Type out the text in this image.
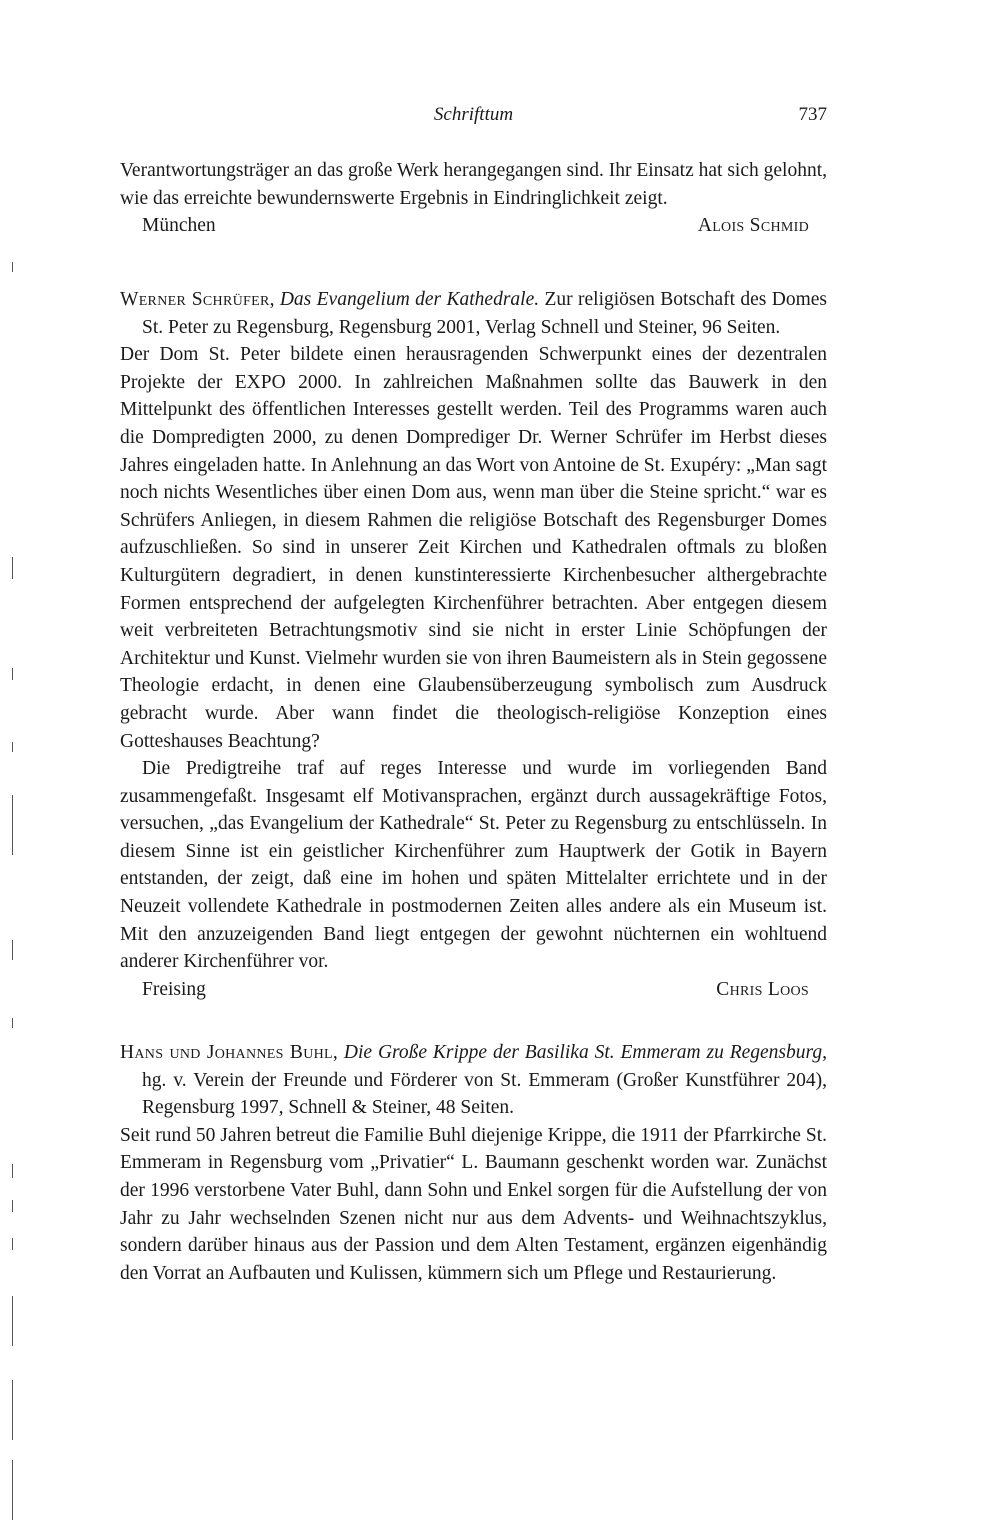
Schrifttum	737

Verantwortungsträger an das große Werk herangegangen sind. Ihr Einsatz hat sich gelohnt, wie das erreichte bewundernswerte Ergebnis in Eindringlichkeit zeigt.

München	Alois Schmid

Werner Schrüfer, Das Evangelium der Kathedrale. Zur religiösen Botschaft des Domes St. Peter zu Regensburg, Regensburg 2001, Verlag Schnell und Steiner, 96 Seiten.

Der Dom St. Peter bildete einen herausragenden Schwerpunkt eines der dezentralen Projekte der EXPO 2000. In zahlreichen Maßnahmen sollte das Bauwerk in den Mittelpunkt des öffentlichen Interesses gestellt werden. Teil des Programms waren auch die Dompredigten 2000, zu denen Domprediger Dr. Werner Schrüfer im Herbst dieses Jahres eingeladen hatte. In Anlehnung an das Wort von Antoine de St. Exupéry: „Man sagt noch nichts Wesentliches über einen Dom aus, wenn man über die Steine spricht.“ war es Schrüfers Anliegen, in diesem Rahmen die religiöse Botschaft des Regensburger Domes aufzuschließen. So sind in unserer Zeit Kirchen und Kathedralen oftmals zu bloßen Kulturgütern degradiert, in denen kunstinteressierte Kirchenbesucher althergebrachte Formen entsprechend der aufgelegten Kirchenführer betrachten. Aber entgegen diesem weit verbreiteten Betrachtungsmotiv sind sie nicht in erster Linie Schöpfungen der Architektur und Kunst. Vielmehr wurden sie von ihren Baumeistern als in Stein gegossene Theologie erdacht, in denen eine Glaubensüberzeugung symbolisch zum Ausdruck gebracht wurde. Aber wann findet die theologisch-religiöse Konzeption eines Gotteshauses Beachtung?

Die Predigtreihe traf auf reges Interesse und wurde im vorliegenden Band zusammengefaßt. Insgesamt elf Motivansprachen, ergänzt durch aussagekräftige Fotos, versuchen, „das Evangelium der Kathedrale“ St. Peter zu Regensburg zu entschlüsseln. In diesem Sinne ist ein geistlicher Kirchenführer zum Hauptwerk der Gotik in Bayern entstanden, der zeigt, daß eine im hohen und späten Mittelalter errichtete und in der Neuzeit vollendete Kathedrale in postmodernen Zeiten alles andere als ein Museum ist. Mit den anzuzeigenden Band liegt entgegen der gewohnt nüchternen ein wohltuend anderer Kirchenführer vor.

Freising	Chris Loos

Hans und Johannes Buhl, Die Große Krippe der Basilika St. Emmeram zu Regensburg, hg. v. Verein der Freunde und Förderer von St. Emmeram (Großer Kunstführer 204), Regensburg 1997, Schnell & Steiner, 48 Seiten.

Seit rund 50 Jahren betreut die Familie Buhl diejenige Krippe, die 1911 der Pfarrkirche St. Emmeram in Regensburg vom „Privatier“ L. Baumann geschenkt worden war. Zunächst der 1996 verstorbene Vater Buhl, dann Sohn und Enkel sorgen für die Aufstellung der von Jahr zu Jahr wechselnden Szenen nicht nur aus dem Advents- und Weihnachtszyklus, sondern darüber hinaus aus der Passion und dem Alten Testament, ergänzen eigenhändig den Vorrat an Aufbauten und Kulissen, kümmern sich um Pflege und Restaurierung.
